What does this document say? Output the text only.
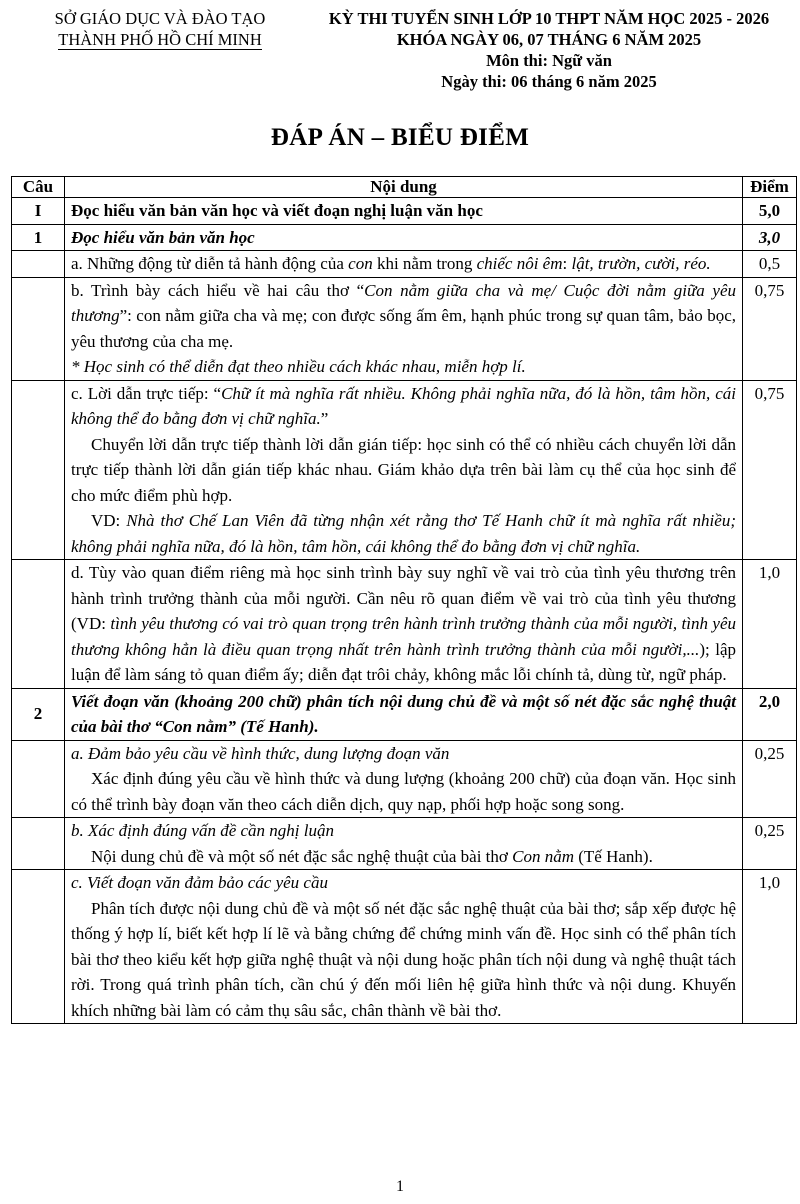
SỞ GIÁO DỤC VÀ ĐÀO TẠO
THÀNH PHỐ HỒ CHÍ MINH
KỲ THI TUYỂN SINH LỚP 10 THPT NĂM HỌC 2025 - 2026
KHÓA NGÀY 06, 07 THÁNG 6 NĂM 2025
Môn thi: Ngữ văn
Ngày thi: 06 tháng 6 năm 2025
ĐÁP ÁN – BIỂU ĐIỂM
Câu	Nội dung	Điểm
I	Đọc hiểu văn bản văn học và viết đoạn nghị luận văn học	5,0
1	Đọc hiểu văn bản văn học	3,0
	a. Những động từ diễn tả hành động của con khi nằm trong chiếc nôi êm: lật, trườn, cười, réo.	0,5

	b. Trình bày cách hiểu về hai câu thơ “Con nằm giữa cha và mẹ/ Cuộc đời nằm giữa yêu thương”: con nằm giữa cha và mẹ; con được sống ấm êm, hạnh phúc trong sự quan tâm, bảo bọc, yêu thương của cha mẹ.

* Học sinh có thể diễn đạt theo nhiều cách khác nhau, miễn hợp lí.	0,75

	c. Lời dẫn trực tiếp: “Chữ ít mà nghĩa rất nhiều. Không phải nghĩa nữa, đó là hồn, tâm hồn, cái không thể đo bằng đơn vị chữ nghĩa.”

Chuyển lời dẫn trực tiếp thành lời dẫn gián tiếp: học sinh có thể có nhiều cách chuyển lời dẫn trực tiếp thành lời dẫn gián tiếp khác nhau. Giám khảo dựa trên bài làm cụ thể của học sinh để cho mức điểm phù hợp.

VD: Nhà thơ Chế Lan Viên đã từng nhận xét rằng thơ Tế Hanh chữ ít mà nghĩa rất nhiều; không phải nghĩa nữa, đó là hồn, tâm hồn, cái không thể đo bằng đơn vị chữ nghĩa.	0,75
	d. Tùy vào quan điểm riêng mà học sinh trình bày suy nghĩ về vai trò của tình yêu thương trên hành trình trưởng thành của mỗi người. Cần nêu rõ quan điểm về vai trò của tình yêu thương (VD: tình yêu thương có vai trò quan trọng trên hành trình trưởng thành của mỗi người, tình yêu thương không hẳn là điều quan trọng nhất trên hành trình trưởng thành của mỗi người,...); lập luận để làm sáng tỏ quan điểm ấy; diễn đạt trôi chảy, không mắc lỗi chính tả, dùng từ, ngữ pháp.	1,0
2	Viết đoạn văn (khoảng 200 chữ) phân tích nội dung chủ đề và một số nét đặc sắc nghệ thuật của bài thơ “Con nằm” (Tế Hanh).	2,0

	a. Đảm bảo yêu cầu về hình thức, dung lượng đoạn văn

Xác định đúng yêu cầu về hình thức và dung lượng (khoảng 200 chữ) của đoạn văn. Học sinh có thể trình bày đoạn văn theo cách diễn dịch, quy nạp, phối hợp hoặc song song.	0,25

	b. Xác định đúng vấn đề cần nghị luận

Nội dung chủ đề và một số nét đặc sắc nghệ thuật của bài thơ Con nằm (Tế Hanh).	0,25

	c. Viết đoạn văn đảm bảo các yêu cầu

Phân tích được nội dung chủ đề và một số nét đặc sắc nghệ thuật của bài thơ; sắp xếp được hệ thống ý hợp lí, biết kết hợp lí lẽ và bằng chứng để chứng minh vấn đề. Học sinh có thể phân tích bài thơ theo kiểu kết hợp giữa nghệ thuật và nội dung hoặc phân tích nội dung và nghệ thuật tách rời. Trong quá trình phân tích, cần chú ý đến mối liên hệ giữa hình thức và nội dung. Khuyến khích những bài làm có cảm thụ sâu sắc, chân thành về bài thơ.	1,0
1
